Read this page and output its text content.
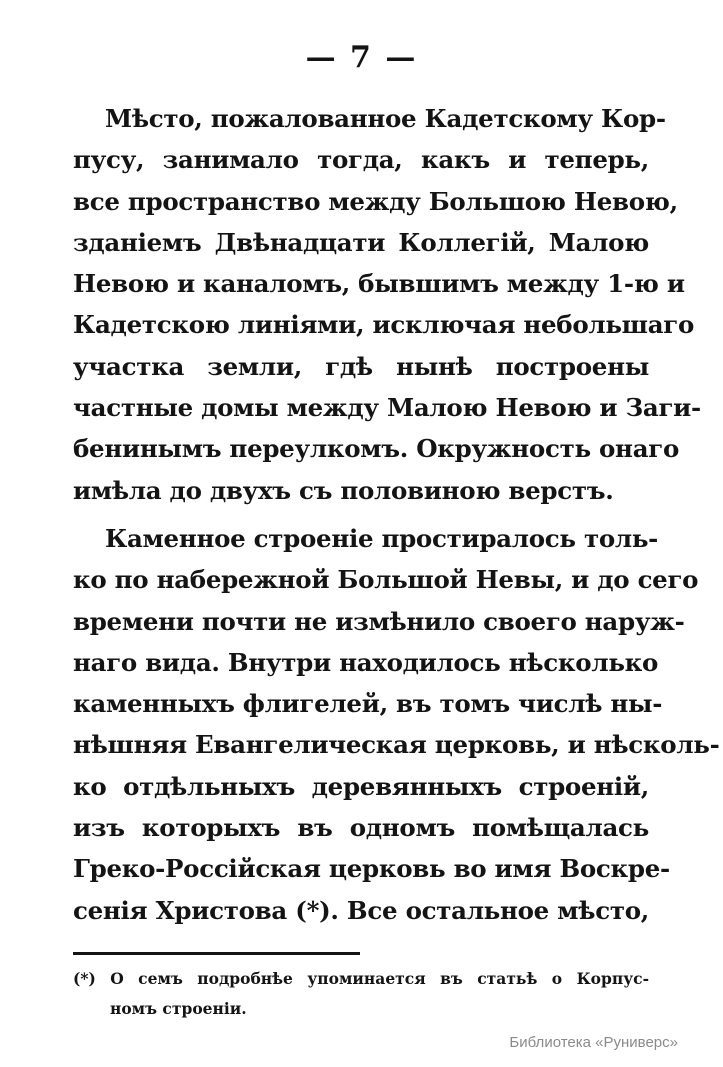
— 7 —
Мѣсто, пожалованное Кадетскому Кор-
пусу, занимало тогда, какъ и теперь,
все пространство между Большою Невою,
зданіемъ Двѣнадцати Коллегій, Малою
Невою и каналомъ, бывшимъ между 1-ю и
Кадетскою линіями, исключая небольшаго
участка земли, гдѣ нынѣ построены
частные домы между Малою Невою и Заги-
бенинымъ переулкомъ. Окружность онаго
имѣла до двухъ съ половиною верстъ.
Каменное строеніе простиралось толь-
ко по набережной Большой Невы, и до сего
времени почти не измѣнило своего наруж-
наго вида. Внутри находилось нѣсколько
каменныхъ флигелей, въ томъ числѣ ны-
нѣшняя Евангелическая церковь, и нѣсколь-
ко отдѣльныхъ деревянныхъ строеній,
изъ которыхъ въ одномъ помѣщалась
Греко-Россійская церковь во имя Воскре-
сенія Христова (*). Все остальное мѣсто,
(*) О семъ подробнѣе упоминается въ статьѣ о Корпус-
номъ строеніи.
Библиотека «Руниверс»
